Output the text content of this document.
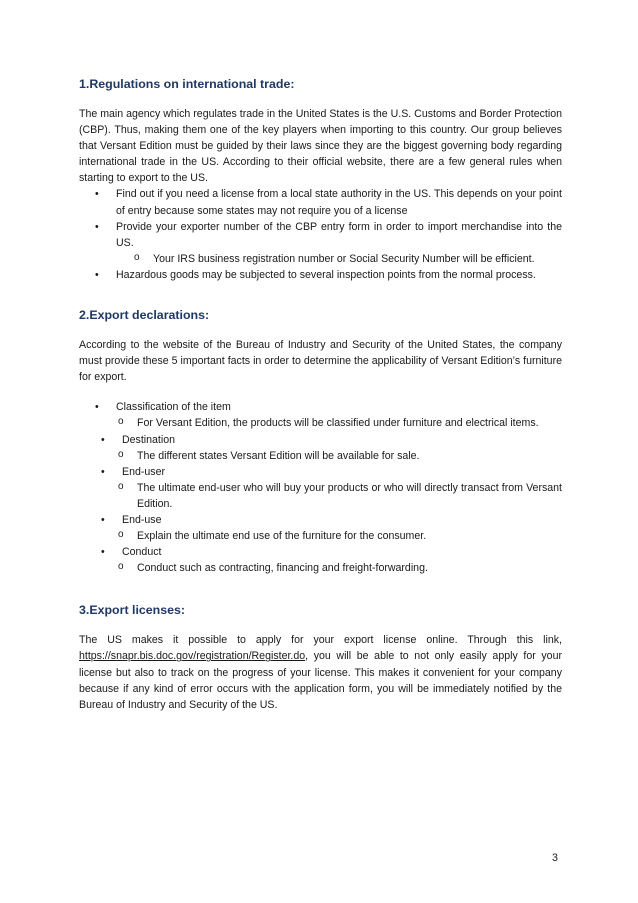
1.Regulations on international trade:

The main agency which regulates trade in the United States is the U.S. Customs and Border Protection (CBP). Thus, making them one of the key players when importing to this country. Our group believes that Versant Edition must be guided by their laws since they are the biggest governing body regarding international trade in the US. According to their official website, there are a few general rules when starting to export to the US.

• Find out if you need a license from a local state authority in the US. This depends on your point of entry because some states may not require you of a license
• Provide your exporter number of the CBP entry form in order to import merchandise into the US.
o Your IRS business registration number or Social Security Number will be efficient.
• Hazardous goods may be subjected to several inspection points from the normal process.
2.Export declarations:

According to the website of the Bureau of Industry and Security of the United States, the company must provide these 5 important facts in order to determine the applicability of Versant Edition’s furniture for export.

• Classification of the item
o For Versant Edition, the products will be classified under furniture and electrical items.
• Destination
o The different states Versant Edition will be available for sale.
• End-user
o The ultimate end-user who will buy your products or who will directly transact from Versant Edition.
• End-use
o Explain the ultimate end use of the furniture for the consumer.
• Conduct
o Conduct such as contracting, financing and freight-forwarding.
3.Export licenses:

The US makes it possible to apply for your export license online. Through this link, https://snapr.bis.doc.gov/registration/Register.do, you will be able to not only easily apply for your license but also to track on the progress of your license. This makes it convenient for your company because if any kind of error occurs with the application form, you will be immediately notified by the Bureau of Industry and Security of the US.

3
